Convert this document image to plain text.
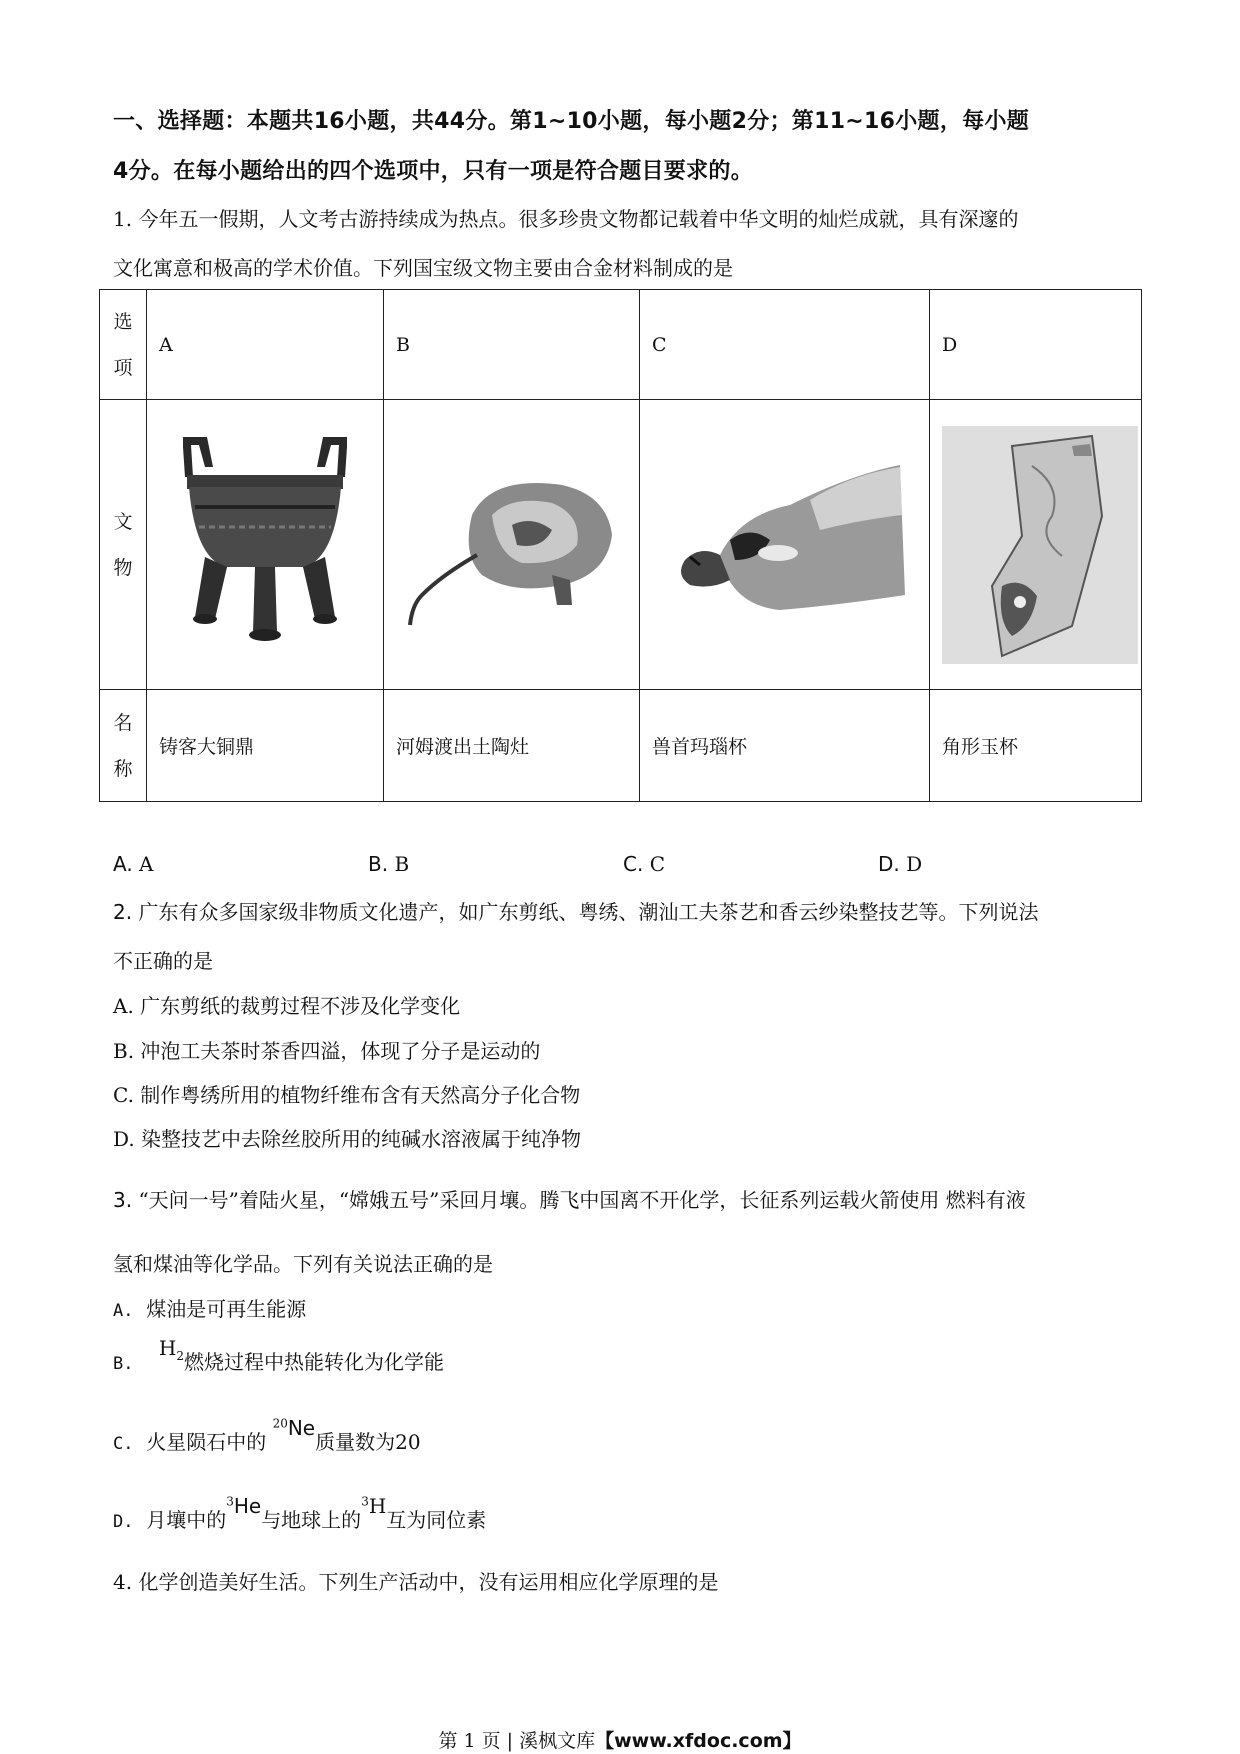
一、选择题：本题共16小题，共44分。第1~10小题，每小题2分；第11~16小题，每小题
4分。在每小题给出的四个选项中，只有一项是符合题目要求的。
1. 今年五一假期，人文考古游持续成为热点。很多珍贵文物都记载着中华文明的灿烂成就，具有深邃的
文化寓意和极高的学术价值。下列国宝级文物主要由合金材料制成的是
选项	A	B	C	D
文物	

名称	铸客大铜鼎	河姆渡出土陶灶	兽首玛瑙杯	角形玉杯
A. A	B. B	C. C	D. D
2. 广东有众多国家级非物质文化遗产，如广东剪纸、粤绣、潮汕工夫茶艺和香云纱染整技艺等。下列说法
不正确的是
A. 广东剪纸的裁剪过程不涉及化学变化
B. 冲泡工夫茶时茶香四溢，体现了分子是运动的
C. 制作粤绣所用的植物纤维布含有天然高分子化合物
D. 染整技艺中去除丝胶所用的纯碱水溶液属于纯净物
3. “天问一号”着陆火星，“嫦娥五号”采回月壤。腾飞中国离不开化学，长征系列运载火箭使用 燃料有液
氢和煤油等化学品。下列有关说法正确的是
A. 煤油是可再生能源
B.    $H_2$燃烧过程中热能转化为化学能
C. 火星陨石中的 $^{20}$Ne质量数为20
D. 月壤中的$^3$He与地球上的$^3$H互为同位素
4. 化学创造美好生活。下列生产活动中，没有运用相应化学原理的是
第 1 页 | 溪枫文库【www.xfdoc.com】
